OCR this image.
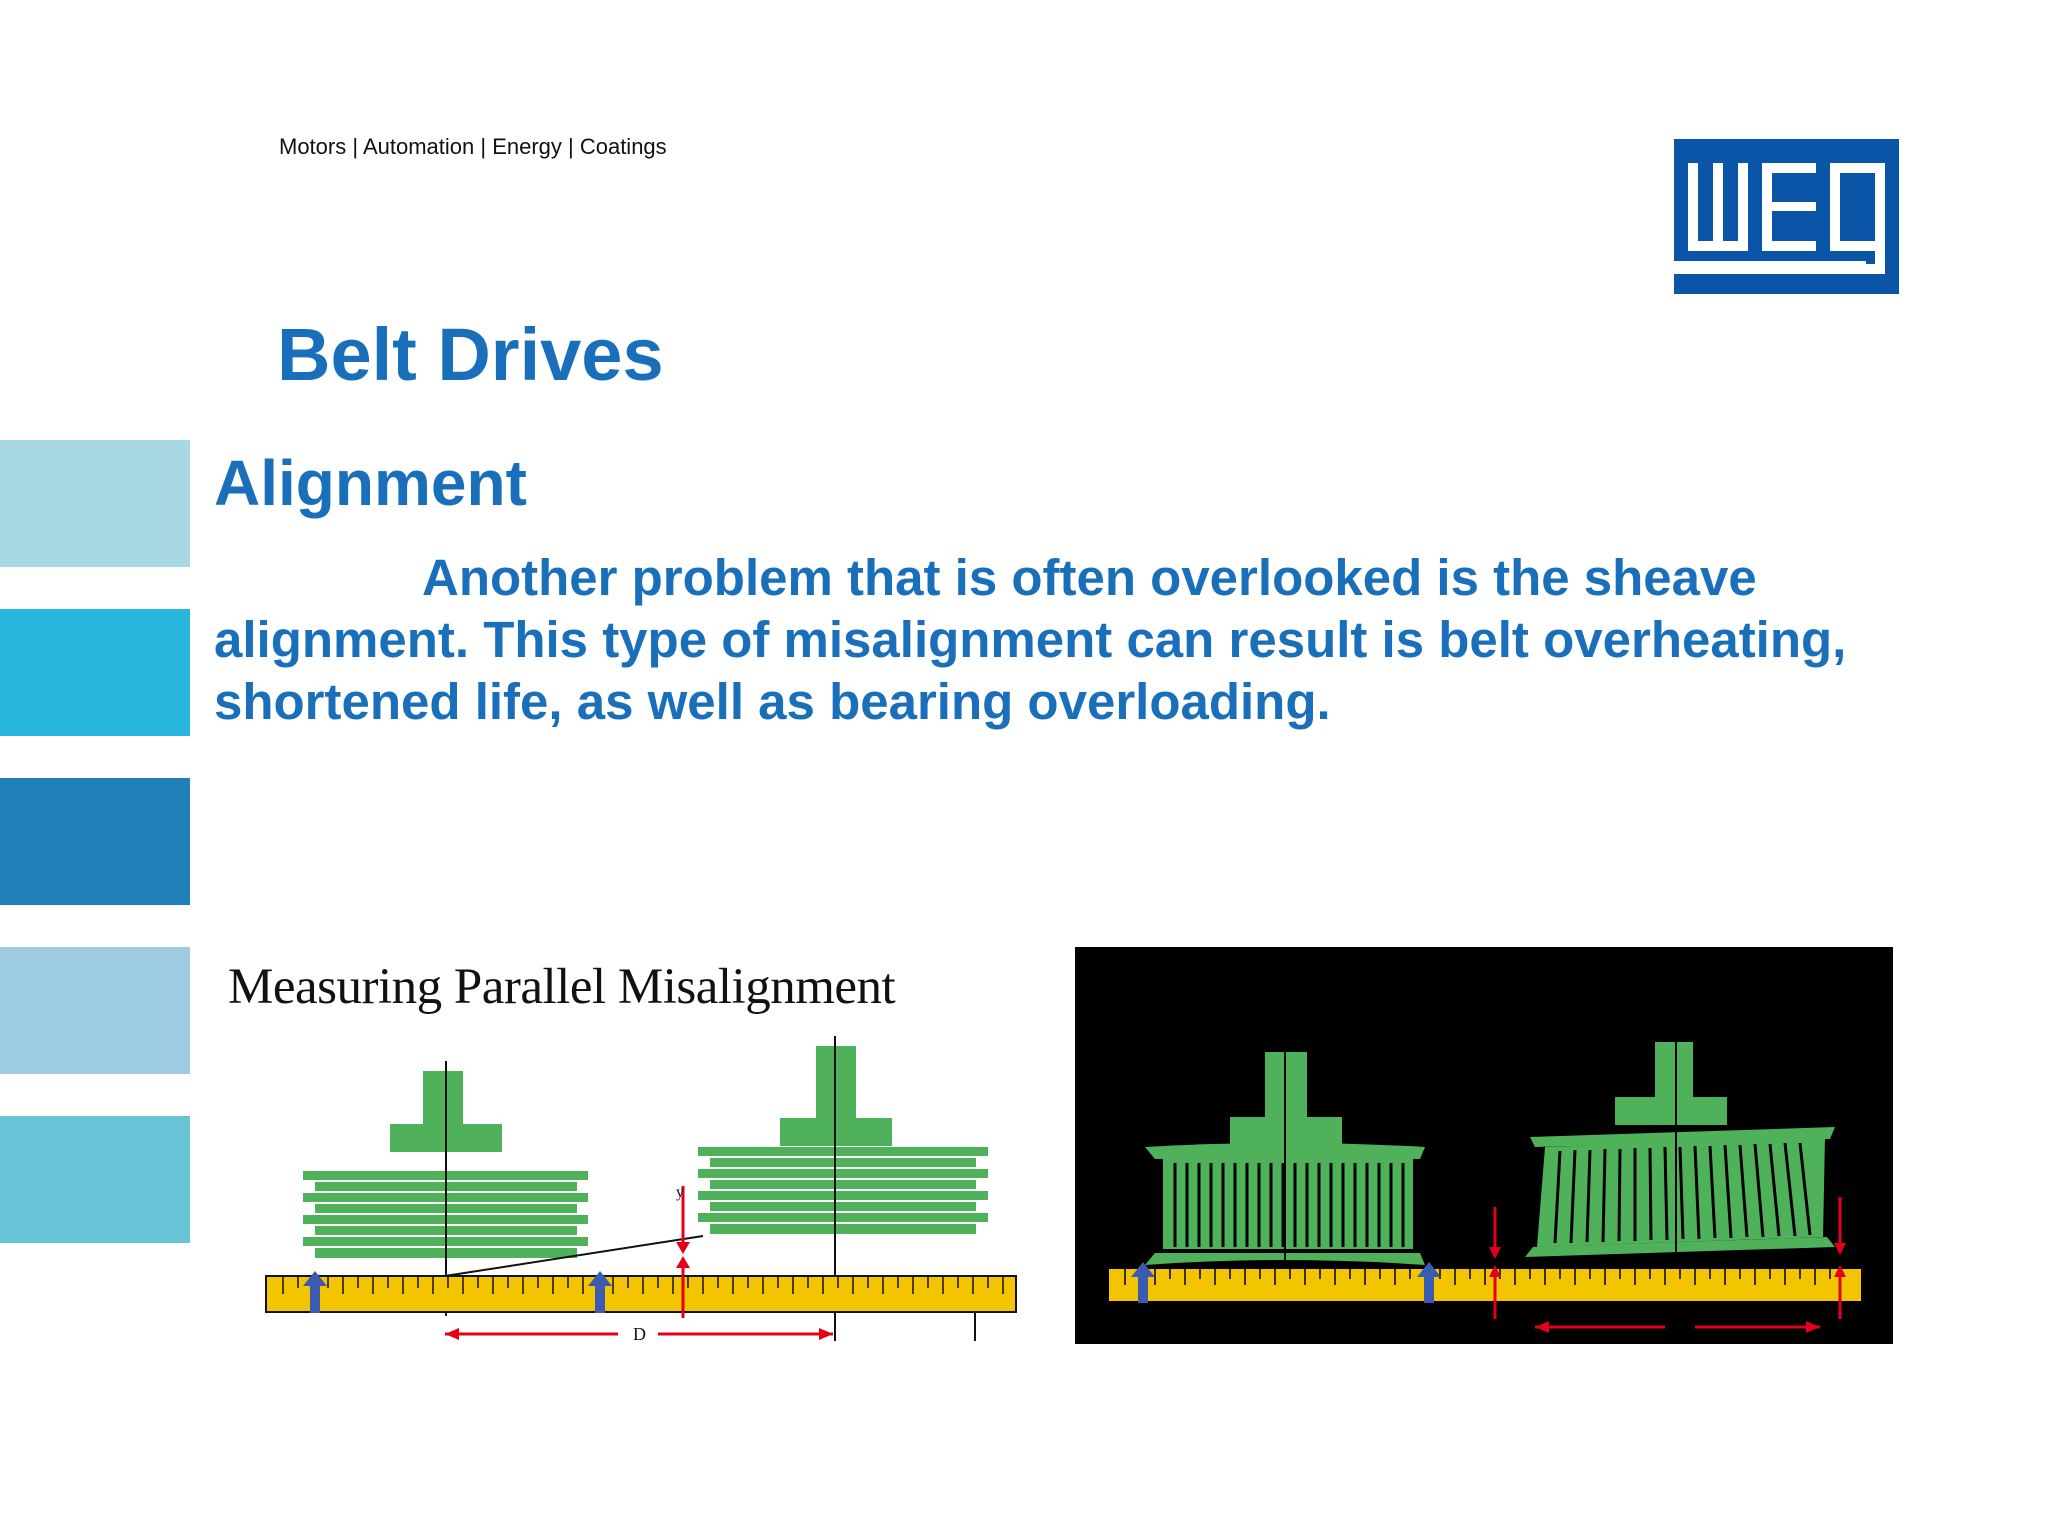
Motors | Automation | Energy | Coatings
Belt Drives
Alignment
Another problem that is often overlooked is the sheave alignment. This type of misalignment can result is belt overheating, shortened life, as well as bearing overloading.
Measuring Parallel Misalignment
y
D
